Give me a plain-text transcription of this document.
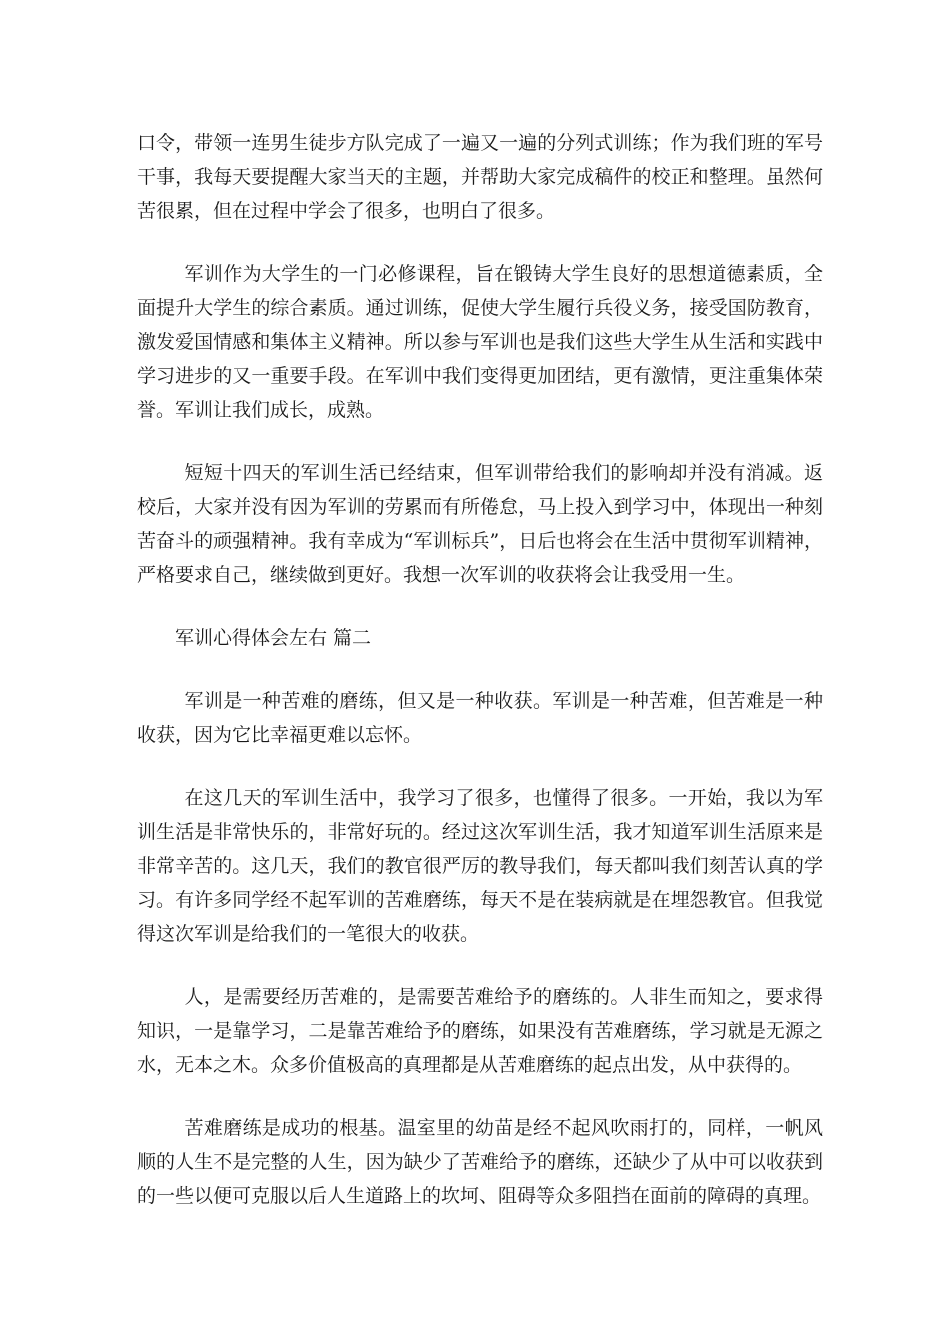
口令，带领一连男生徒步方队完成了一遍又一遍的分列式训练；作为我们班的军号干事，我每天要提醒大家当天的主题，并帮助大家完成稿件的校正和整理。虽然何苦很累，但在过程中学会了很多，也明白了很多。

军训作为大学生的一门必修课程，旨在锻铸大学生良好的思想道德素质，全面提升大学生的综合素质。通过训练，促使大学生履行兵役义务，接受国防教育，激发爱国情感和集体主义精神。所以参与军训也是我们这些大学生从生活和实践中学习进步的又一重要手段。在军训中我们变得更加团结，更有激情，更注重集体荣誉。军训让我们成长，成熟。

短短十四天的军训生活已经结束，但军训带给我们的影响却并没有消减。返校后，大家并没有因为军训的劳累而有所倦怠，马上投入到学习中，体现出一种刻苦奋斗的顽强精神。我有幸成为“军训标兵”，日后也将会在生活中贯彻军训精神，严格要求自己，继续做到更好。我想一次军训的收获将会让我受用一生。

军训心得体会左右 篇二

军训是一种苦难的磨练，但又是一种收获。军训是一种苦难，但苦难是一种收获，因为它比幸福更难以忘怀。

在这几天的军训生活中，我学习了很多，也懂得了很多。一开始，我以为军训生活是非常快乐的，非常好玩的。经过这次军训生活，我才知道军训生活原来是非常辛苦的。这几天，我们的教官很严厉的教导我们，每天都叫我们刻苦认真的学习。有许多同学经不起军训的苦难磨练，每天不是在装病就是在埋怨教官。但我觉得这次军训是给我们的一笔很大的收获。

人，是需要经历苦难的，是需要苦难给予的磨练的。人非生而知之，要求得知识，一是靠学习，二是靠苦难给予的磨练，如果没有苦难磨练，学习就是无源之水，无本之木。众多价值极高的真理都是从苦难磨练的起点出发，从中获得的。

苦难磨练是成功的根基。温室里的幼苗是经不起风吹雨打的，同样，一帆风顺的人生不是完整的人生，因为缺少了苦难给予的磨练，还缺少了从中可以收获到的一些以便可克服以后人生道路上的坎坷、阻碍等众多阻挡在面前的障碍的真理。
